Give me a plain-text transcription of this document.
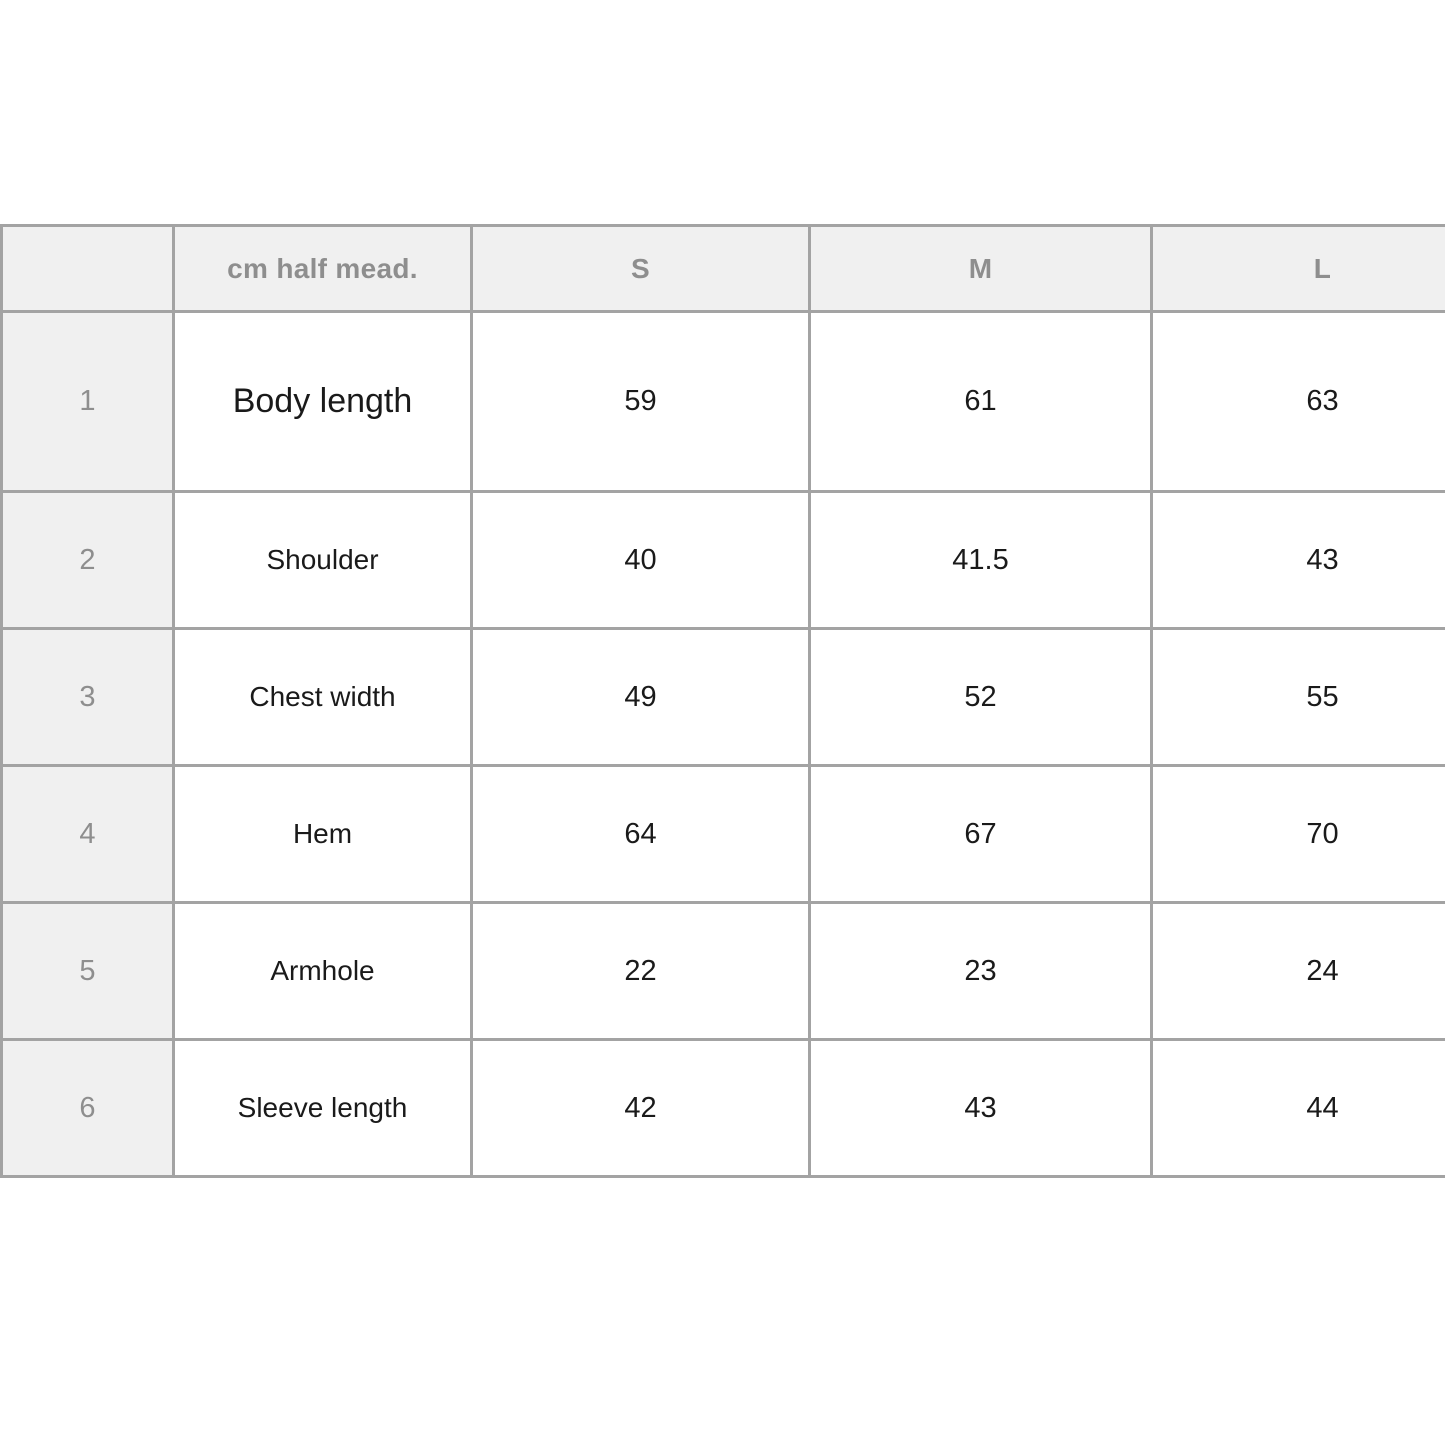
	cm half mead.	S	M	L
1	Body length	59	61	63
2	Shoulder	40	41.5	43
3	Chest width	49	52	55
4	Hem	64	67	70
5	Armhole	22	23	24
6	Sleeve length	42	43	44
